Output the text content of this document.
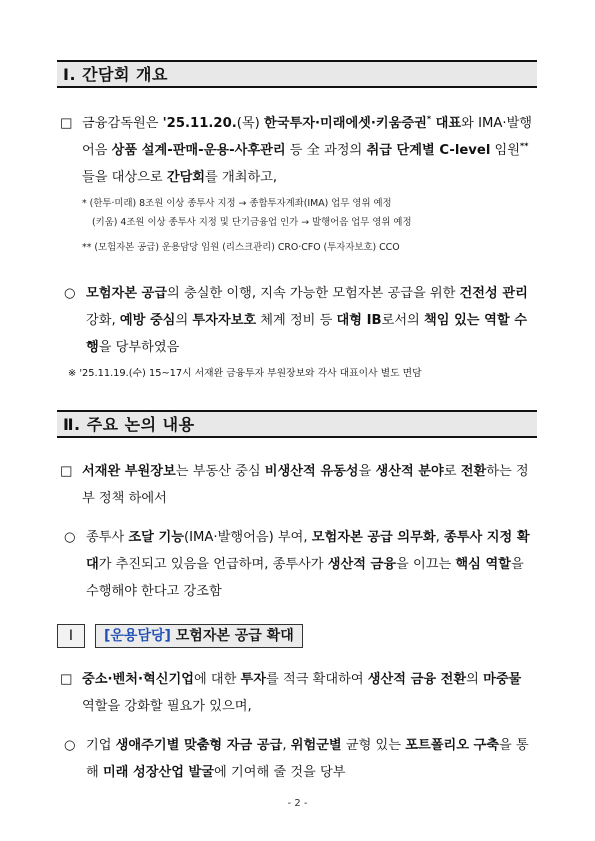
I. 간담회 개요
□ 금융감독원은 '25.11.20.(목) 한국투자·미래에셋·키움증권* 대표와 IMA·발행어음 상품 설계-판매-운용-사후관리 등 全 과정의 취급 단계별 C-level 임원**들을 대상으로 간담회를 개최하고,
* (한투·미래) 8조원 이상 종투사 지정 → 종합투자계좌(IMA) 업무 영위 예정
(키움) 4조원 이상 종투사 지정 및 단기금융업 인가 → 발행어음 업무 영위 예정
** (모험자본 공급) 운용담당 임원 (리스크관리) CRO·CFO (투자자보호) CCO
○ 모험자본 공급의 충실한 이행, 지속 가능한 모험자본 공급을 위한 건전성 관리 강화, 예방 중심의 투자자보호 체계 정비 등 대형 IB로서의 책임 있는 역할 수행을 당부하였음
※ '25.11.19.(수) 15~17시 서재완 금융투자 부원장보와 각사 대표이사 별도 면담
Ⅱ. 주요 논의 내용
□ 서재완 부원장보는 부동산 중심 비생산적 유동성을 생산적 분야로 전환하는 정부 정책 하에서
○ 종투사 조달 기능(IMA·발행어음) 부여, 모험자본 공급 의무화, 종투사 지정 확대가 추진되고 있음을 언급하며, 종투사가 생산적 금융을 이끄는 핵심 역할을 수행해야 한다고 강조함
Ⅰ	[운용담당] 모험자본 공급 확대
□ 중소·벤처·혁신기업에 대한 투자를 적극 확대하여 생산적 금융 전환의 마중물 역할을 강화할 필요가 있으며,
○ 기업 생애주기별 맞춤형 자금 공급, 위험군별 균형 있는 포트폴리오 구축을 통해 미래 성장산업 발굴에 기여해 줄 것을 당부
- 2 -
